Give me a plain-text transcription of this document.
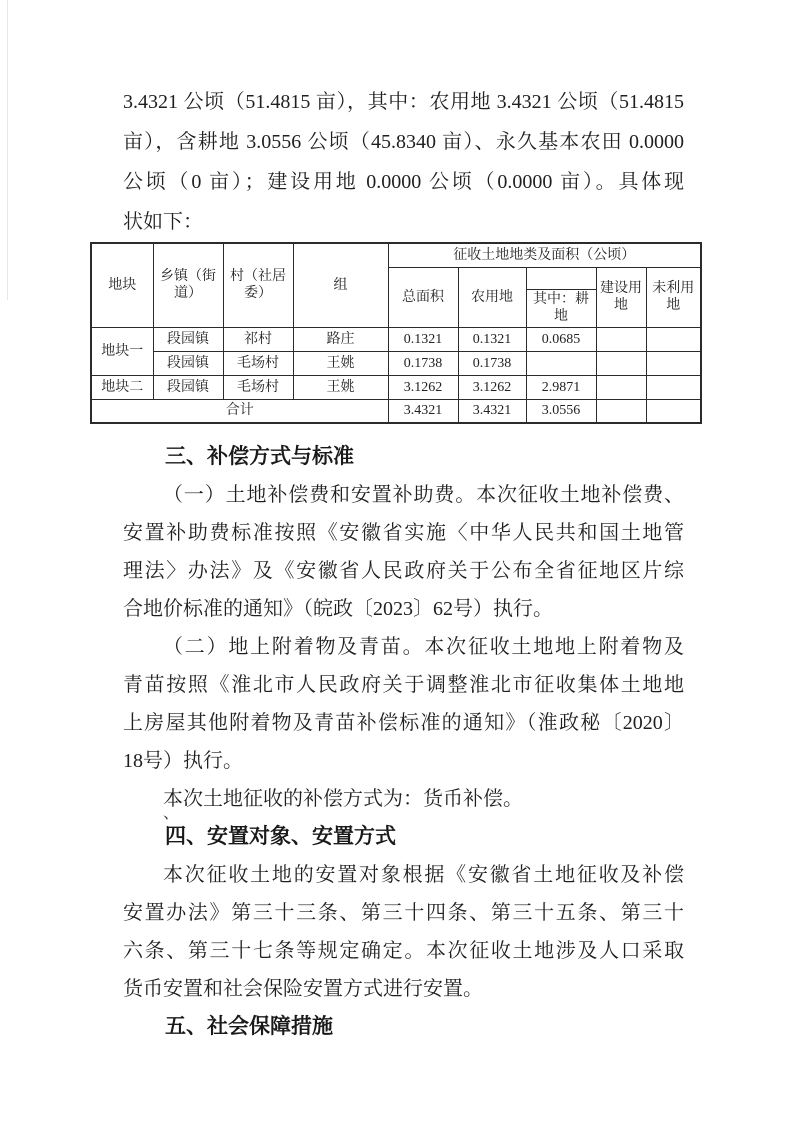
3.4321 公顷（51.4815 亩），其中：农用地 3.4321 公顷（51.4815
亩），含耕地 3.0556 公顷（45.8340 亩）、永久基本农田 0.0000
公顷（0 亩）；建设用地 0.0000 公顷（0.0000 亩）。具体现
状如下：
地块	乡镇（街道）	村（社居委）	组	征收土地地类及面积（公顷）				
				总面积	农用地		建设用地	未利用地
						其中：耕地		
地块一	段园镇	祁村	路庄	0.1321	0.1321	0.0685		
	段园镇	毛场村	王姚	0.1738	0.1738			
地块二	段园镇	毛场村	王姚	3.1262	3.1262	2.9871		
合计				3.4321	3.4321	3.0556		
三、补偿方式与标准
（一）土地补偿费和安置补助费。本次征收土地补偿费、
安置补助费标准按照《安徽省实施〈中华人民共和国土地管
理法〉办法》及《安徽省人民政府关于公布全省征地区片综
合地价标准的通知》（皖政〔2023〕62号）执行。
（二）地上附着物及青苗。本次征收土地地上附着物及
青苗按照《淮北市人民政府关于调整淮北市征收集体土地地
上房屋其他附着物及青苗补偿标准的通知》（淮政秘〔2020〕
18号）执行。
本次土地征收的补偿方式为：货币补偿。
四、安置对象、安置方式
本次征收土地的安置对象根据《安徽省土地征收及补偿
安置办法》第三十三条、第三十四条、第三十五条、第三十
六条、第三十七条等规定确定。本次征收土地涉及人口采取
货币安置和社会保险安置方式进行安置。
五、社会保障措施
、
